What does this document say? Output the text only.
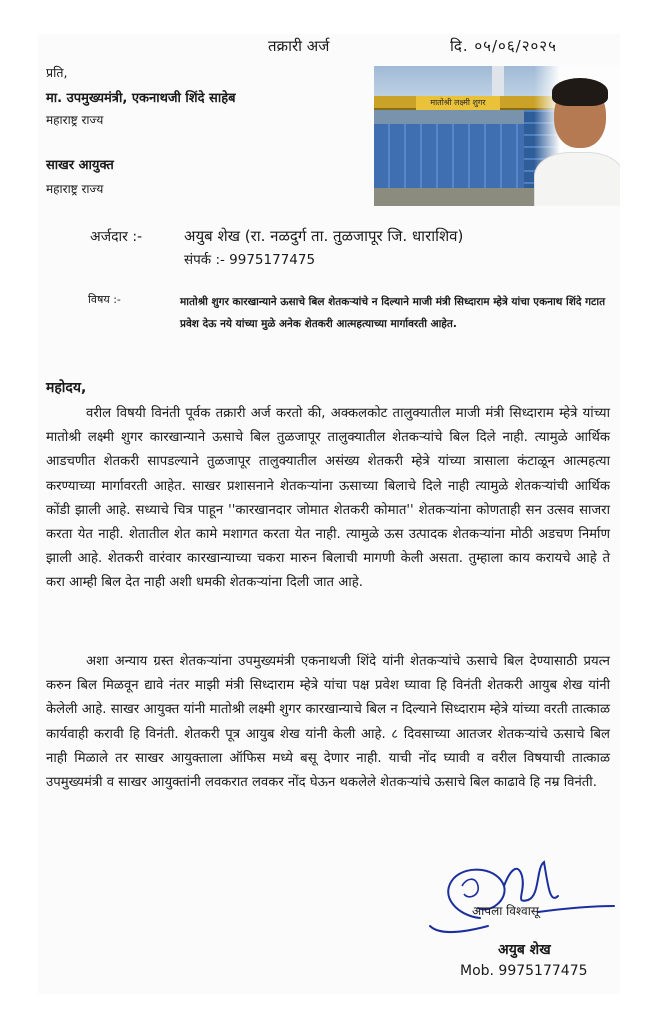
तक्रारी अर्ज	दि. ०५/०६/२०२५
प्रति,
मा. उपमुख्यमंत्री, एकनाथजी शिंदे साहेब
महाराष्ट्र राज्य
साखर आयुक्त
महाराष्ट्र राज्य
मातोश्री लक्ष्मी शुगर
अर्जदार :-	अयुब शेख (रा. नळदुर्ग ता. तुळजापूर जि. धाराशिव)
संपर्क :- 9975177475
विषय :-	मातोश्री शुगर कारखान्याने ऊसाचे बिल शेतकऱ्यांचे न दिल्याने माजी मंत्री सिध्दाराम म्हेत्रे यांचा एकनाथ शिंदे गटात प्रवेश देऊ नये यांच्या मुळे अनेक शेतकरी आत्महत्याच्या मार्गावरती आहेत.
महोदय,
वरील विषयी विनंती पूर्वक तक्रारी अर्ज करतो की, अक्कलकोट तालुक्यातील माजी मंत्री सिध्दाराम म्हेत्रे यांच्या मातोश्री लक्ष्मी शुगर कारखान्याने ऊसाचे बिल तुळजापूर तालुक्यातील शेतकऱ्यांचे बिल दिले नाही. त्यामुळे आर्थिक आडचणीत शेतकरी सापडल्याने तुळजापूर तालुक्यातील असंख्य शेतकरी म्हेत्रे यांच्या त्रासाला कंटाळून आत्महत्या करण्याच्या मार्गावरती आहेत. साखर प्रशासनाने शेतकऱ्यांना ऊसाच्या बिलाचे दिले नाही त्यामुळे शेतकऱ्यांची आर्थिक कोंडी झाली आहे. सध्याचे चित्र पाहून ''कारखानदार जोमात शेतकरी कोमात'' शेतकऱ्यांना कोणताही सन उत्सव साजरा करता येत नाही. शेतातील शेत कामे मशागत करता येत नाही. त्यामुळे ऊस उत्पादक शेतकऱ्यांना मोठी अडचण निर्माण झाली आहे. शेतकरी वारंवार कारखान्याच्या चकरा मारुन बिलाची मागणी केली असता. तुम्हाला काय करायचे आहे ते करा आम्ही बिल देत नाही अशी धमकी शेतकऱ्यांना दिली जात आहे.
अशा अन्याय ग्रस्त शेतकऱ्यांना उपमुख्यमंत्री एकनाथजी शिंदे यांनी शेतकऱ्यांचे ऊसाचे बिल देण्यासाठी प्रयत्न करुन बिल मिळवून द्यावे नंतर माझी मंत्री सिध्दाराम म्हेत्रे यांचा पक्ष प्रवेश घ्यावा हि विनंती शेतकरी आयुब शेख यांनी केलेली आहे. साखर आयुक्त यांनी मातोश्री लक्ष्मी शुगर कारखान्याचे बिल न दिल्याने सिध्दाराम म्हेत्रे यांच्या वरती तात्काळ कार्यवाही करावी हि विनंती. शेतकरी पूत्र आयुब शेख यांनी केली आहे. ८ दिवसाच्या आतजर शेतकऱ्यांचे ऊसाचे बिल नाही मिळाले तर साखर आयुक्ताला ऑफिस मध्ये बसू देणार नाही. याची नोंद घ्यावी व वरील विषयाची तात्काळ उपमुख्यमंत्री व साखर आयुक्तांनी लवकरात लवकर नोंद घेऊन थकलेले शेतकऱ्यांचे ऊसाचे बिल काढावे हि नम्र विनंती.
आपला विश्वासू
अयुब शेख
Mob. 9975177475
